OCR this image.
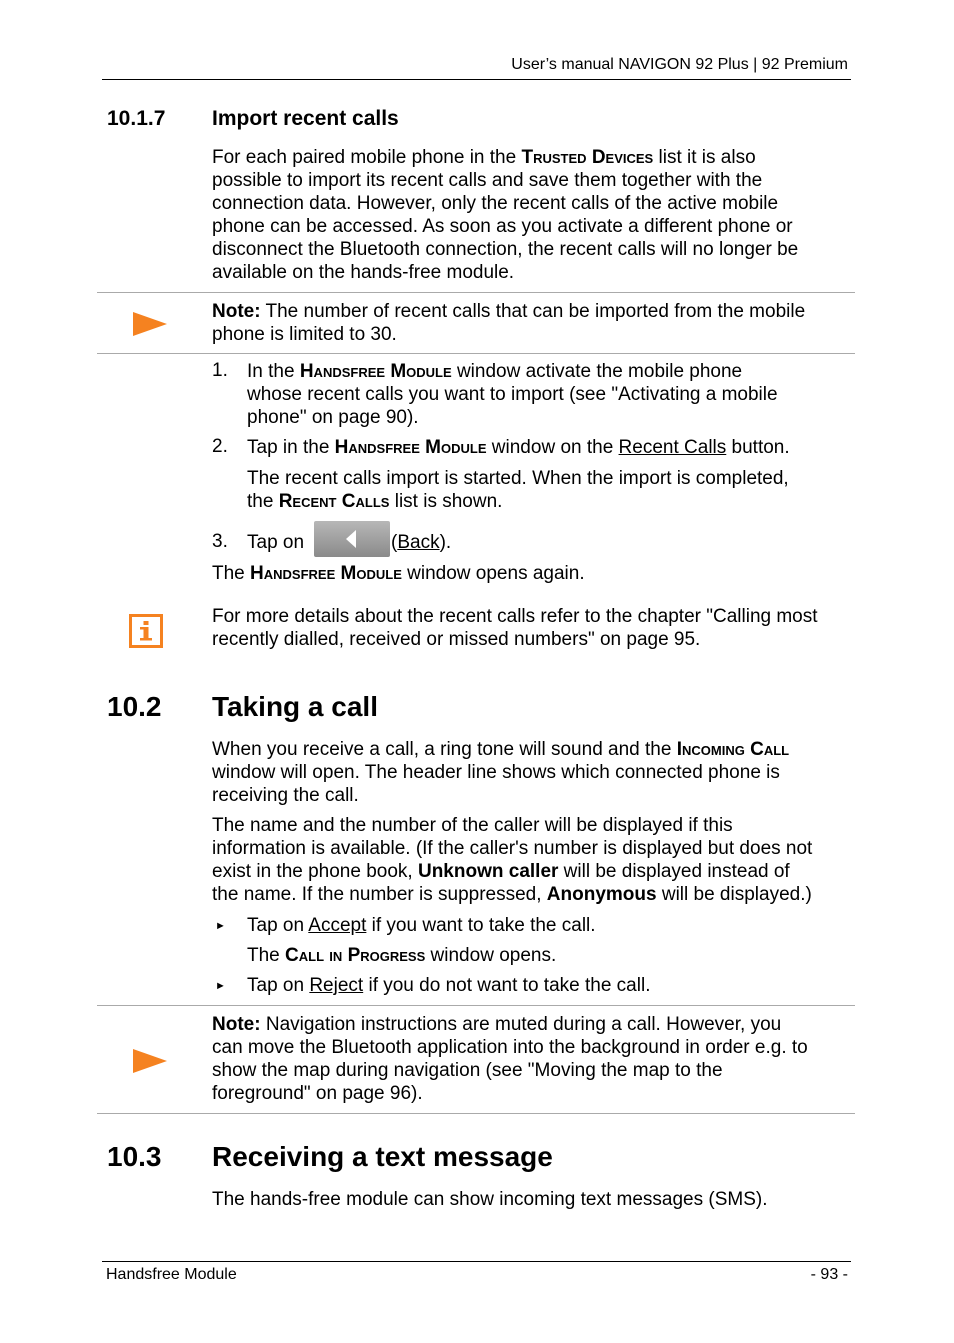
User’s manual NAVIGON 92 Plus | 92 Premium
10.1.7 Import recent calls
For each paired mobile phone in the Trusted Devices list it is also
possible to import its recent calls and save them together with the
connection data. However, only the recent calls of the active mobile
phone can be accessed. As soon as you activate a different phone or
disconnect the Bluetooth connection, the recent calls will no longer be
available on the hands-free module.
Note: The number of recent calls that can be imported from the mobile
phone is limited to 30.
1. In the Handsfree Module window activate the mobile phone
whose recent calls you want to import (see "Activating a mobile
phone" on page 90).
2. Tap in the Handsfree Module window on the Recent Calls button.
The recent calls import is started. When the import is completed,
the Recent Calls list is shown.
3. Tap on	(Back).
The Handsfree Module window opens again.
For more details about the recent calls refer to the chapter "Calling most
recently dialled, received or missed numbers" on page 95.
10.2 Taking a call
When you receive a call, a ring tone will sound and the Incoming Call
window will open. The header line shows which connected phone is
receiving the call.
The name and the number of the caller will be displayed if this
information is available. (If the caller's number is displayed but does not
exist in the phone book, Unknown caller will be displayed instead of
the name. If the number is suppressed, Anonymous will be displayed.)
► Tap on Accept if you want to take the call.
The Call in Progress window opens.
► Tap on Reject if you do not want to take the call.
Note: Navigation instructions are muted during a call. However, you
can move the Bluetooth application into the background in order e.g. to
show the map during navigation (see "Moving the map to the
foreground" on page 96).
10.3 Receiving a text message
The hands-free module can show incoming text messages (SMS).
Handsfree Module	- 93 -
